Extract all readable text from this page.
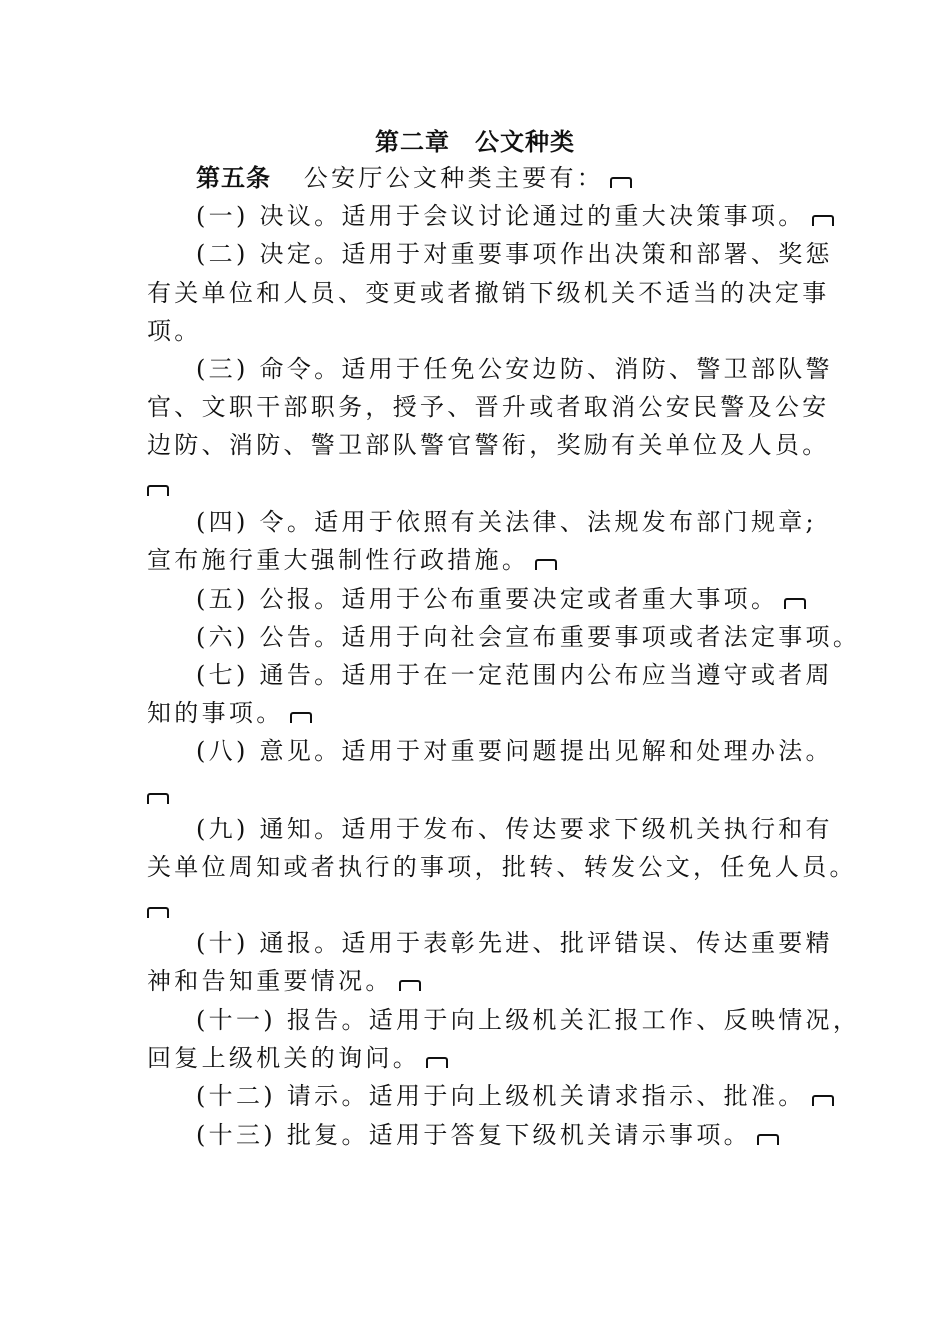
第二章　公文种类
第五条 公安厅公文种类主要有：
(一) 决议。适用于会议讨论通过的重大决策事项。
(二) 决定。适用于对重要事项作出决策和部署、奖惩
有关单位和人员、变更或者撤销下级机关不适当的决定事
项。
(三) 命令。适用于任免公安边防、消防、警卫部队警
官、文职干部职务，授予、晋升或者取消公安民警及公安
边防、消防、警卫部队警官警衔，奖励有关单位及人员。
(四) 令。适用于依照有关法律、法规发布部门规章;
宣布施行重大强制性行政措施。
(五) 公报。适用于公布重要决定或者重大事项。
(六) 公告。适用于向社会宣布重要事项或者法定事项。
(七) 通告。适用于在一定范围内公布应当遵守或者周
知的事项。
(八) 意见。适用于对重要问题提出见解和处理办法。
(九) 通知。适用于发布、传达要求下级机关执行和有
关单位周知或者执行的事项，批转、转发公文，任免人员。
(十) 通报。适用于表彰先进、批评错误、传达重要精
神和告知重要情况。
(十一) 报告。适用于向上级机关汇报工作、反映情况，
回复上级机关的询问。
(十二) 请示。适用于向上级机关请求指示、批准。
(十三) 批复。适用于答复下级机关请示事项。
